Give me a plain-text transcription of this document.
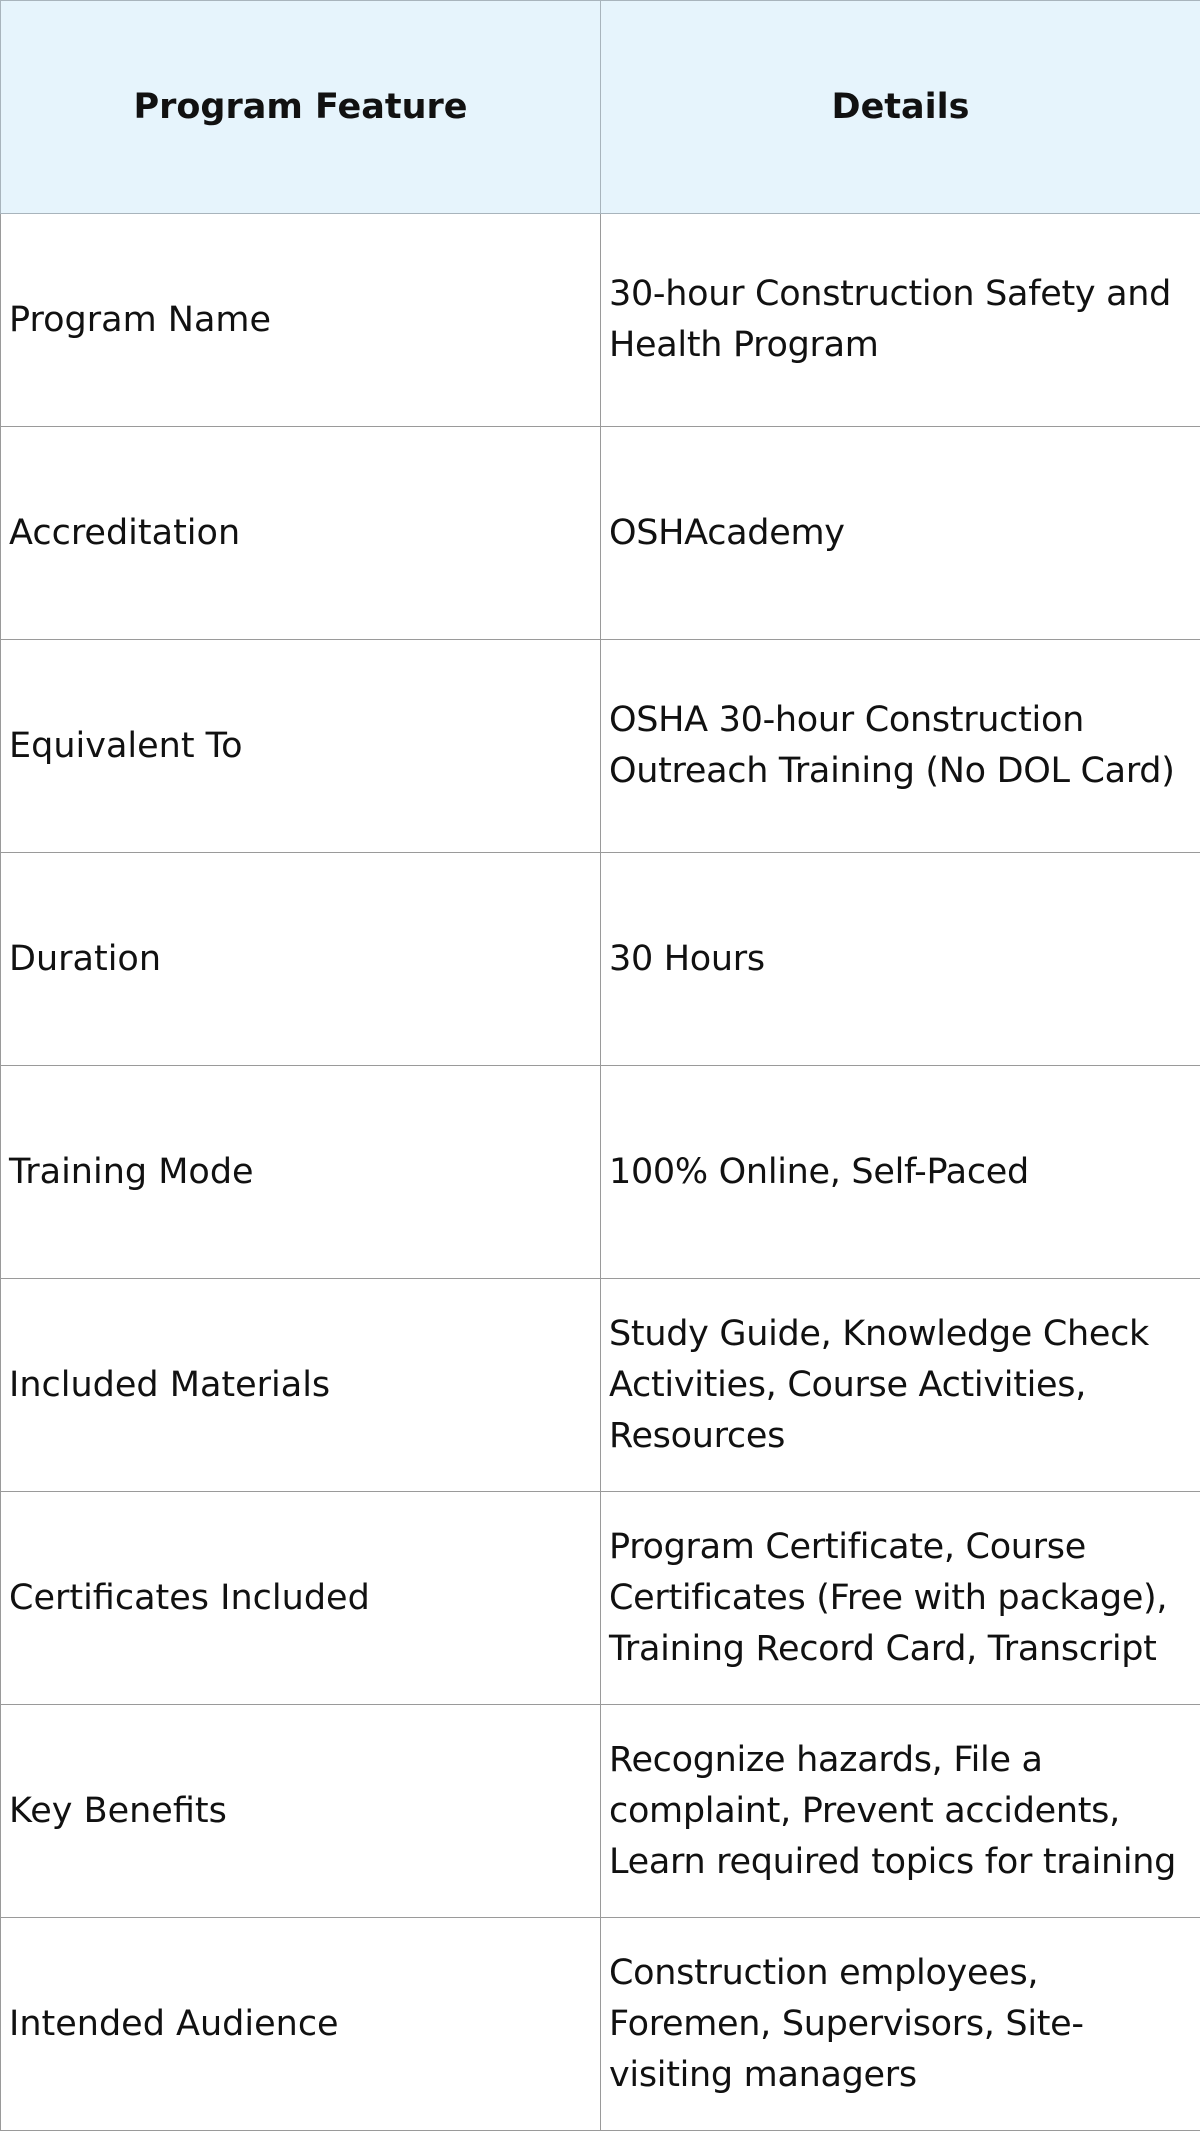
Program Feature	Details
Program Name	30-hour Construction Safety and Health Program
Accreditation	OSHAcademy
Equivalent To	OSHA 30-hour Construction Outreach Training (No DOL Card)
Duration	30 Hours
Training Mode	100% Online, Self-Paced
Included Materials	Study Guide, Knowledge Check Activities, Course Activities, Resources
Certificates Included	Program Certificate, Course Certificates (Free with package), Training Record Card, Transcript
Key Benefits	Recognize hazards, File a complaint, Prevent accidents, Learn required topics for training
Intended Audience	Construction employees, Foremen, Supervisors, Site-visiting managers
